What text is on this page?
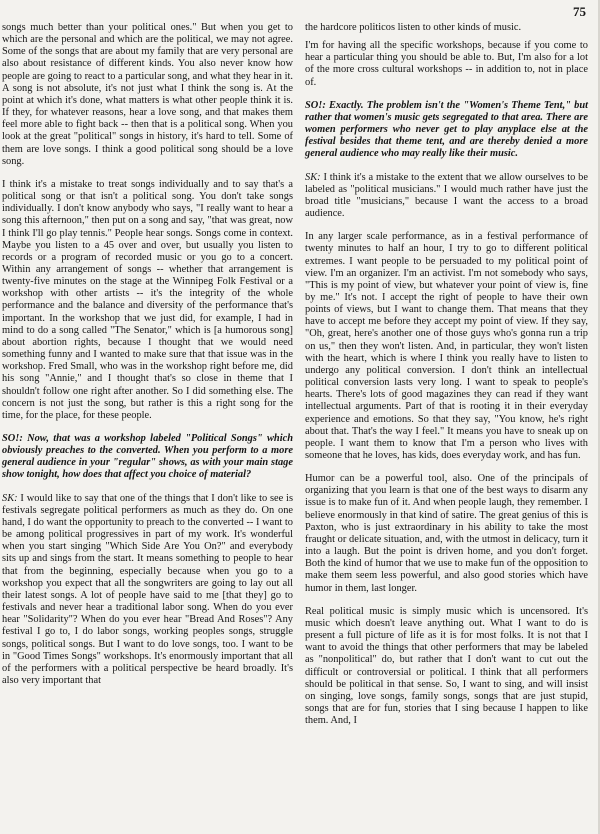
75

songs much better than your political ones." But when you get to which are the personal and which are the political, we may not agree. Some of the songs that are about my family that are very personal are also about resistance of different kinds. You also never know how people are going to react to a particular song, and what they hear in it. A song is not absolute, it's not just what I think the song is. At the point at which it's done, what matters is what other people think it is. If they, for whatever reasons, hear a love song, and that makes them feel more able to fight back -- then that is a political song. When you look at the great "political" songs in history, it's hard to tell. Some of them are love songs. I think a good political song should be a love song.

I think it's a mistake to treat songs individually and to say that's a political song or that isn't a political song. You don't take songs individually. I don't know anybody who says, "I really want to hear a song this afternoon," then put on a song and say, "that was great, now I think I'll go play tennis." People hear songs. Songs come in context. Maybe you listen to a 45 over and over, but usually you listen to records or a program of recorded music or you go to a concert. Within any arrangement of songs -- whether that arrangement is twenty-five minutes on the stage at the Winnipeg Folk Festival or a workshop with other artists -- it's the integrity of the whole performance and the balance and diversity of the performance that's important. In the workshop that we just did, for example, I had in mind to do a song called "The Senator," which is [a humorous song] about abortion rights, because I thought that we would need something funny and I wanted to make sure that that issue was in the workshop. Fred Small, who was in the workshop right before me, did his song "Annie," and I thought that's so close in theme that I shouldn't follow one right after another. So I did something else. The concern is not just the song, but rather is this a right song for the time, for the place, for these people.

SO!: Now, that was a workshop labeled "Political Songs" which obviously preaches to the converted. When you perform to a more general audience in your "regular" shows, as with your main stage show tonight, how does that affect you choice of material?

SK: I would like to say that one of the things that I don't like to see is festivals segregate political performers as much as they do. On one hand, I do want the opportunity to preach to the converted -- I want to be among political progressives in part of my work. It's wonderful when you start singing "Which Side Are You On?" and everybody sits up and sings from the start. It means something to people to hear that from the beginning, especially because when you go to a workshop you expect that all the songwriters are going to lay out all their latest songs. A lot of people have said to me [that they] go to festivals and never hear a traditional labor song. When do you ever hear "Solidarity"? When do you ever hear "Bread And Roses"? Any festival I go to, I do labor songs, working peoples songs, struggle songs, political songs. But I want to do love songs, too. I want to be in "Good Times Songs" workshops. It's enormously important that all of the performers with a political perspective be heard broadly. It's also very important that

the hardcore politicos listen to other kinds of music.

I'm for having all the specific workshops, because if you come to hear a particular thing you should be able to. But, I'm also for a lot of the more cross cultural workshops -- in addition to, not in place of.

SO!: Exactly. The problem isn't the "Women's Theme Tent," but rather that women's music gets segregated to that area. There are women performers who never get to play anyplace else at the festival besides that theme tent, and are thereby denied a more general audience who may really like their music.

SK: I think it's a mistake to the extent that we allow ourselves to be labeled as "political musicians." I would much rather have just the broad title "musicians," because I want the access to a broad audience.

In any larger scale performance, as in a festival performance of twenty minutes to half an hour, I try to go to different political extremes. I want people to be persuaded to my political point of view. I'm an organizer. I'm an activist. I'm not somebody who says, "This is my point of view, but whatever your point of view is, fine by me." It's not. I accept the right of people to have their own points of views, but I want to change them. That means that they have to accept me before they accept my point of view. If they say, "Oh, great, here's another one of those guys who's gonna run a trip on us," then they won't listen. And, in particular, they won't listen with the heart, which is where I think you really have to listen to undergo any political conversion. I don't think an intellectual political conversion lasts very long. I want to speak to people's hearts. There's lots of good magazines they can read if they want intellectual arguments. Part of that is rooting it in their everyday experience and emotions. So that they say, "You know, he's right about that. That's the way I feel." It means you have to sneak up on people. I want them to know that I'm a person who lives with someone that he loves, has kids, does everyday work, and has fun.

Humor can be a powerful tool, also. One of the principals of organizing that you learn is that one of the best ways to disarm any issue is to make fun of it. And when people laugh, they remember. I believe enormously in that kind of satire. The great genius of this is Paxton, who is just extraordinary in his ability to take the most fraught or delicate situation, and, with the utmost in delicacy, turn it into a laugh. But the point is driven home, and you don't forget. Both the kind of humor that we use to make fun of the opposition to make them seem less powerful, and also good stories which have humor in them, last longer.

Real political music is simply music which is uncensored. It's music which doesn't leave anything out. What I want to do is present a full picture of life as it is for most folks. It is not that I want to avoid the things that other performers that may be labeled as "nonpolitical" do, but rather that I don't want to cut out the difficult or controversial or political. I think that all performers should be political in that sense. So, I want to sing, and will insist on singing, love songs, family songs, songs that are just stupid, songs that are for fun, stories that I sing because I happen to like them. And, I
